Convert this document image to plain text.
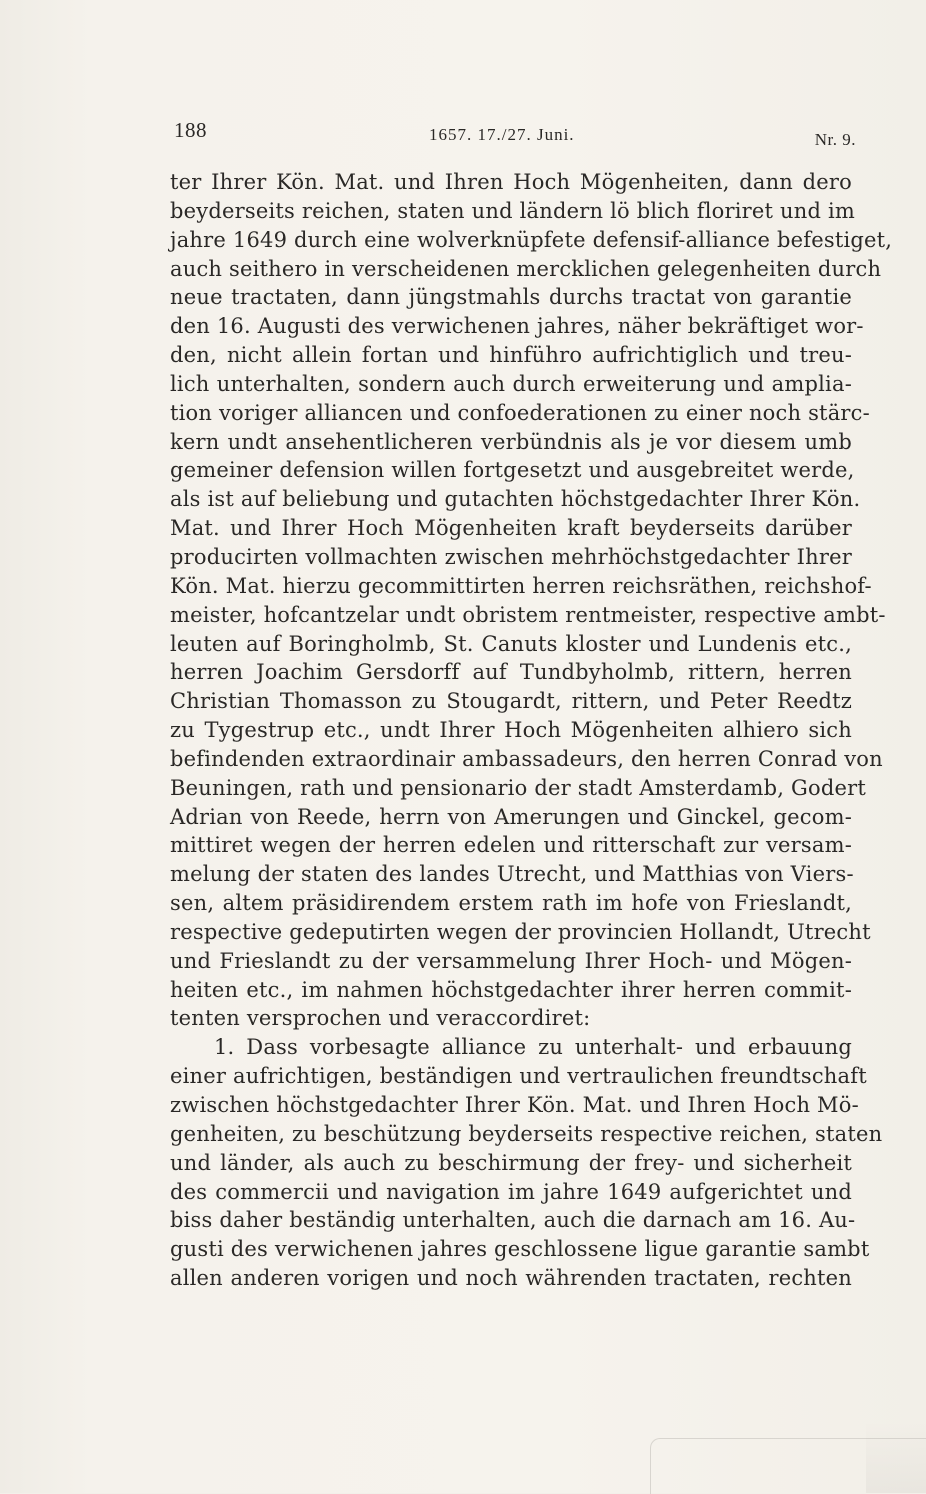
188	1657. 17./27. Juni.	Nr. 9.
ter Ihrer Kön. Mat. und Ihren Hoch Mögenheiten, dann dero
beyderseits reichen, staten und ländern lö blich floriret und im
jahre 1649 durch eine wolverknüpfete defensif-alliance befestiget,
auch seithero in verscheidenen mercklichen gelegenheiten durch
neue tractaten, dann jüngstmahls durchs tractat von garantie
den 16. Augusti des verwichenen jahres, näher bekräftiget wor-
den, nicht allein fortan und hinführo aufrichtiglich und treu-
lich unterhalten, sondern auch durch erweiterung und amplia-
tion voriger alliancen und confoederationen zu einer noch stärc-
kern undt ansehentlicheren verbündnis als je vor diesem umb
gemeiner defension willen fortgesetzt und ausgebreitet werde,
als ist auf beliebung und gutachten höchstgedachter Ihrer Kön.
Mat. und Ihrer Hoch Mögenheiten kraft beyderseits darüber
producirten vollmachten zwischen mehrhöchstgedachter Ihrer
Kön. Mat. hierzu gecommittirten herren reichsräthen, reichshof-
meister, hofcantzelar undt obristem rentmeister, respective ambt-
leuten auf Boringholmb, St. Canuts kloster und Lundenis etc.,
herren Joachim Gersdorff auf Tundbyholmb, rittern, herren
Christian Thomasson zu Stougardt, rittern, und Peter Reedtz
zu Tygestrup etc., undt Ihrer Hoch Mögenheiten alhiero sich
befindenden extraordinair ambassadeurs, den herren Conrad von
Beuningen, rath und pensionario der stadt Amsterdamb, Godert
Adrian von Reede, herrn von Amerungen und Ginckel, gecom-
mittiret wegen der herren edelen und ritterschaft zur versam-
melung der staten des landes Utrecht, und Matthias von Viers-
sen, altem präsidirendem erstem rath im hofe von Frieslandt,
respective gedeputirten wegen der provincien Hollandt, Utrecht
und Frieslandt zu der versammelung Ihrer Hoch- und Mögen-
heiten etc., im nahmen höchstgedachter ihrer herren commit-
tenten versprochen und veraccordiret:
1. Dass vorbesagte alliance zu unterhalt- und erbauung
einer aufrichtigen, beständigen und vertraulichen freundtschaft
zwischen höchstgedachter Ihrer Kön. Mat. und Ihren Hoch Mö-
genheiten, zu beschützung beyderseits respective reichen, staten
und länder, als auch zu beschirmung der frey- und sicherheit
des commercii und navigation im jahre 1649 aufgerichtet und
biss daher beständig unterhalten, auch die darnach am 16. Au-
gusti des verwichenen jahres geschlossene ligue garantie sambt
allen anderen vorigen und noch währenden tractaten, rechten
